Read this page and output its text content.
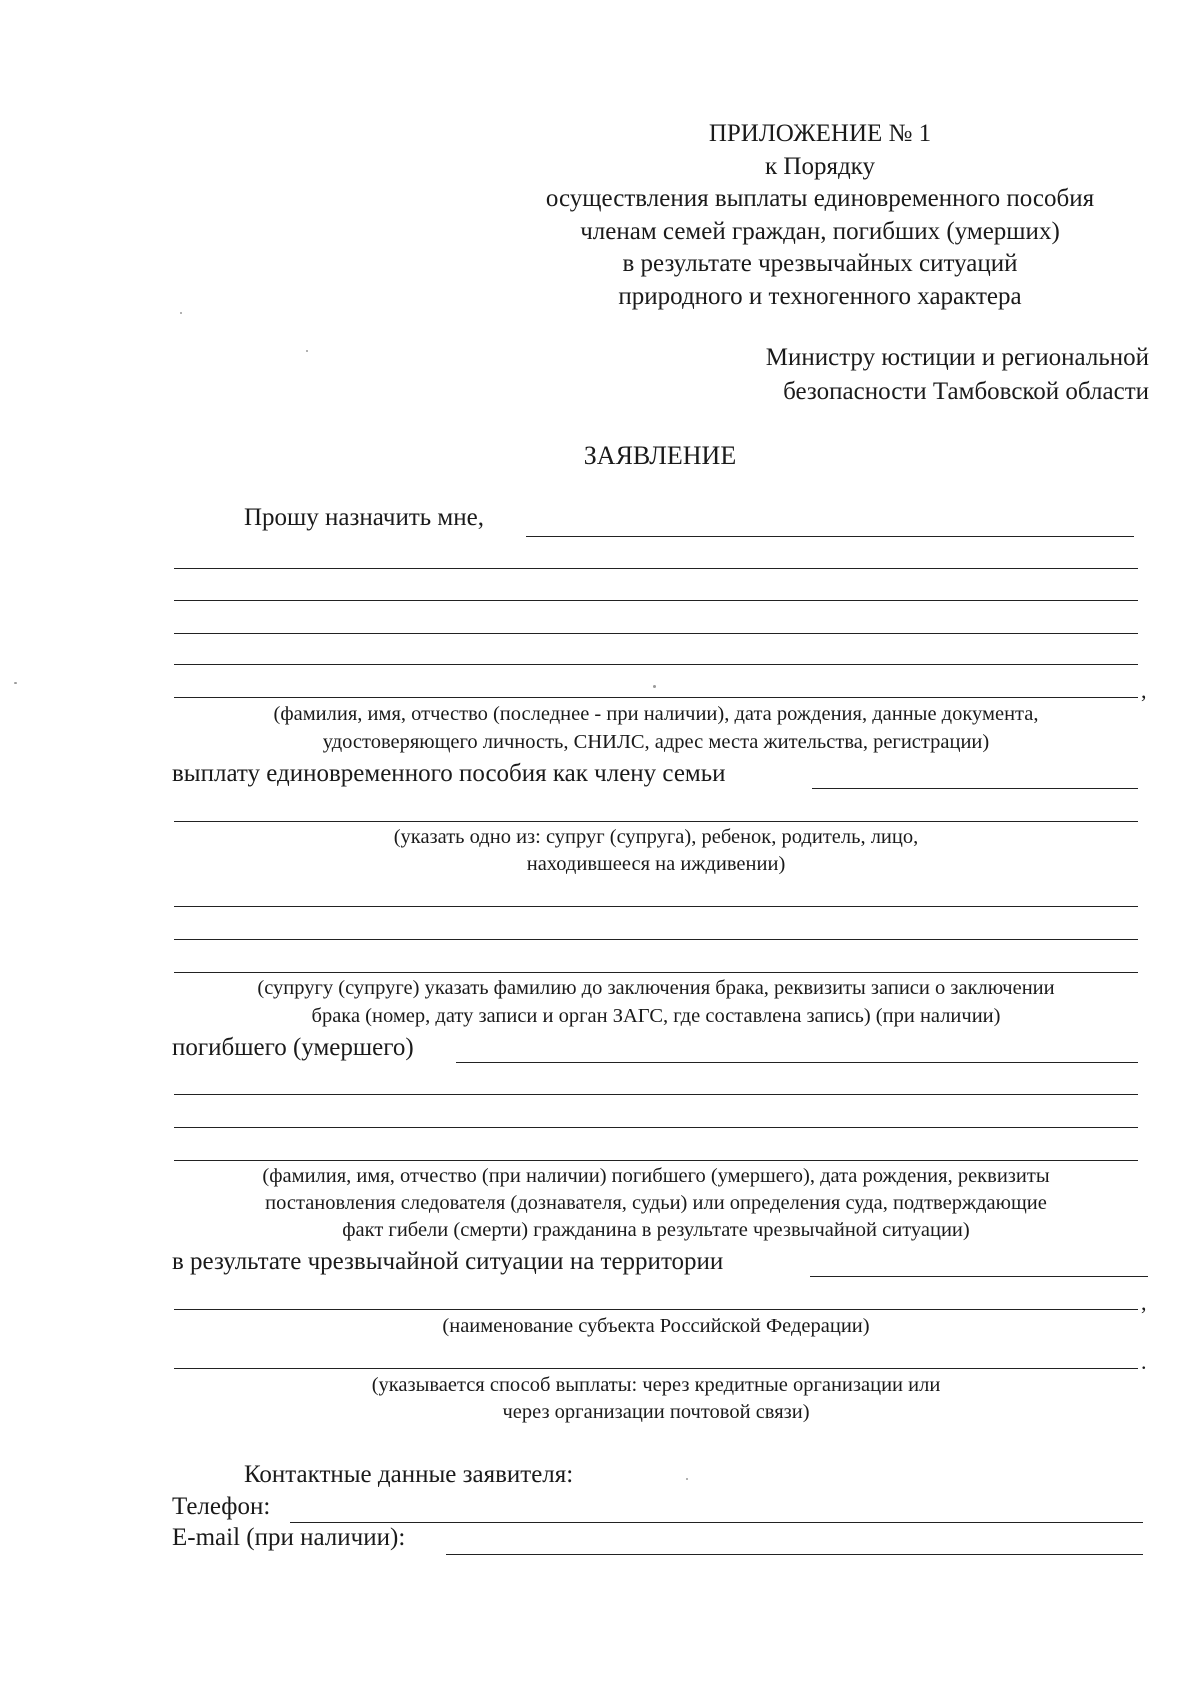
ПРИЛОЖЕНИЕ № 1
к Порядку
осуществления выплаты единовременного пособия
членам семей граждан, погибших (умерших)
в результате чрезвычайных ситуаций
природного и техногенного характера
Министру юстиции и региональной
безопасности Тамбовской области
ЗАЯВЛЕНИЕ
Прошу назначить мне,
,
(фамилия, имя, отчество (последнее - при наличии), дата рождения, данные документа,
удостоверяющего личность, СНИЛС, адрес места жительства, регистрации)
выплату единовременного пособия как члену семьи
(указать одно из: супруг (супруга), ребенок, родитель, лицо,
находившееся на иждивении)
(супругу (супруге) указать фамилию до заключения брака, реквизиты записи о заключении
брака (номер, дату записи и орган ЗАГС, где составлена запись) (при наличии)
погибшего (умершего)
(фамилия, имя, отчество (при наличии) погибшего (умершего), дата рождения, реквизиты
постановления следователя (дознавателя, судьи) или определения суда, подтверждающие
факт гибели (смерти) гражданина в результате чрезвычайной ситуации)
в результате чрезвычайной ситуации на территории
,
(наименование субъекта Российской Федерации)
.
(указывается способ выплаты: через кредитные организации или
через организации почтовой связи)
Контактные данные заявителя:
Телефон:
E-mail (при наличии):
